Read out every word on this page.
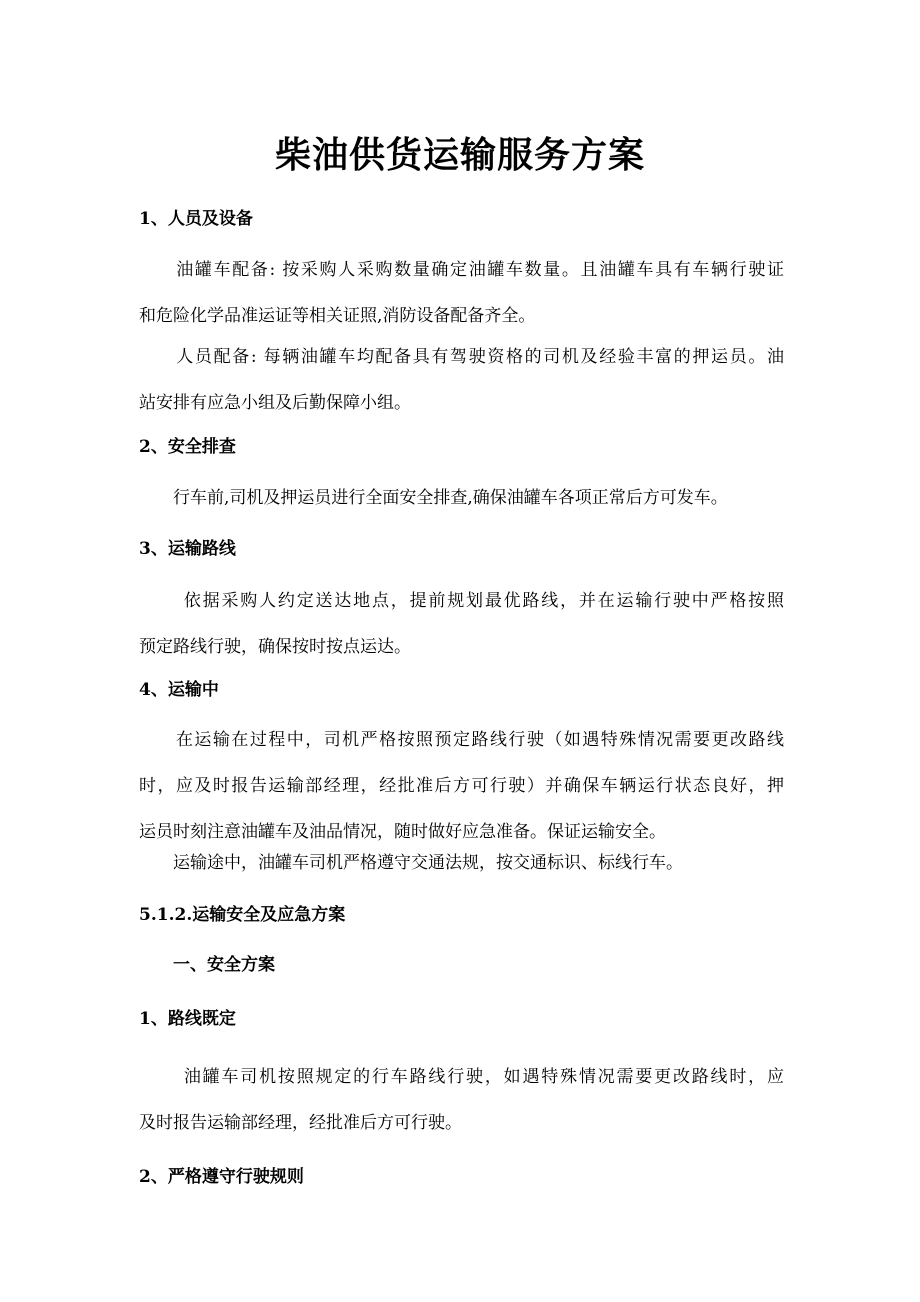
柴油供货运输服务方案
1、人员及设备
　　油罐车配备: 按采购人采购数量确定油罐车数量。且油罐车具有车辆行驶证
和危险化学品准运证等相关证照,消防设备配备齐全。
　　人员配备: 每辆油罐车均配备具有驾驶资格的司机及经验丰富的押运员。油
站安排有应急小组及后勤保障小组。
2、安全排查
　　行车前,司机及押运员进行全面安全排查,确保油罐车各项正常后方可发车。
3、运输路线
　　 依据采购人约定送达地点，提前规划最优路线，并在运输行驶中严格按照
预定路线行驶，确保按时按点运达。
4、运输中
　　在运输在过程中，司机严格按照预定路线行驶（如遇特殊情况需要更改路线
时，应及时报告运输部经理，经批准后方可行驶）并确保车辆运行状态良好，押
运员时刻注意油罐车及油品情况，随时做好应急准备。保证运输安全。
　　运输途中，油罐车司机严格遵守交通法规，按交通标识、标线行车。
5.1.2.运输安全及应急方案
　　一、安全方案
1、路线既定
　　 油罐车司机按照规定的行车路线行驶，如遇特殊情况需要更改路线时，应
及时报告运输部经理，经批准后方可行驶。
2、严格遵守行驶规则
